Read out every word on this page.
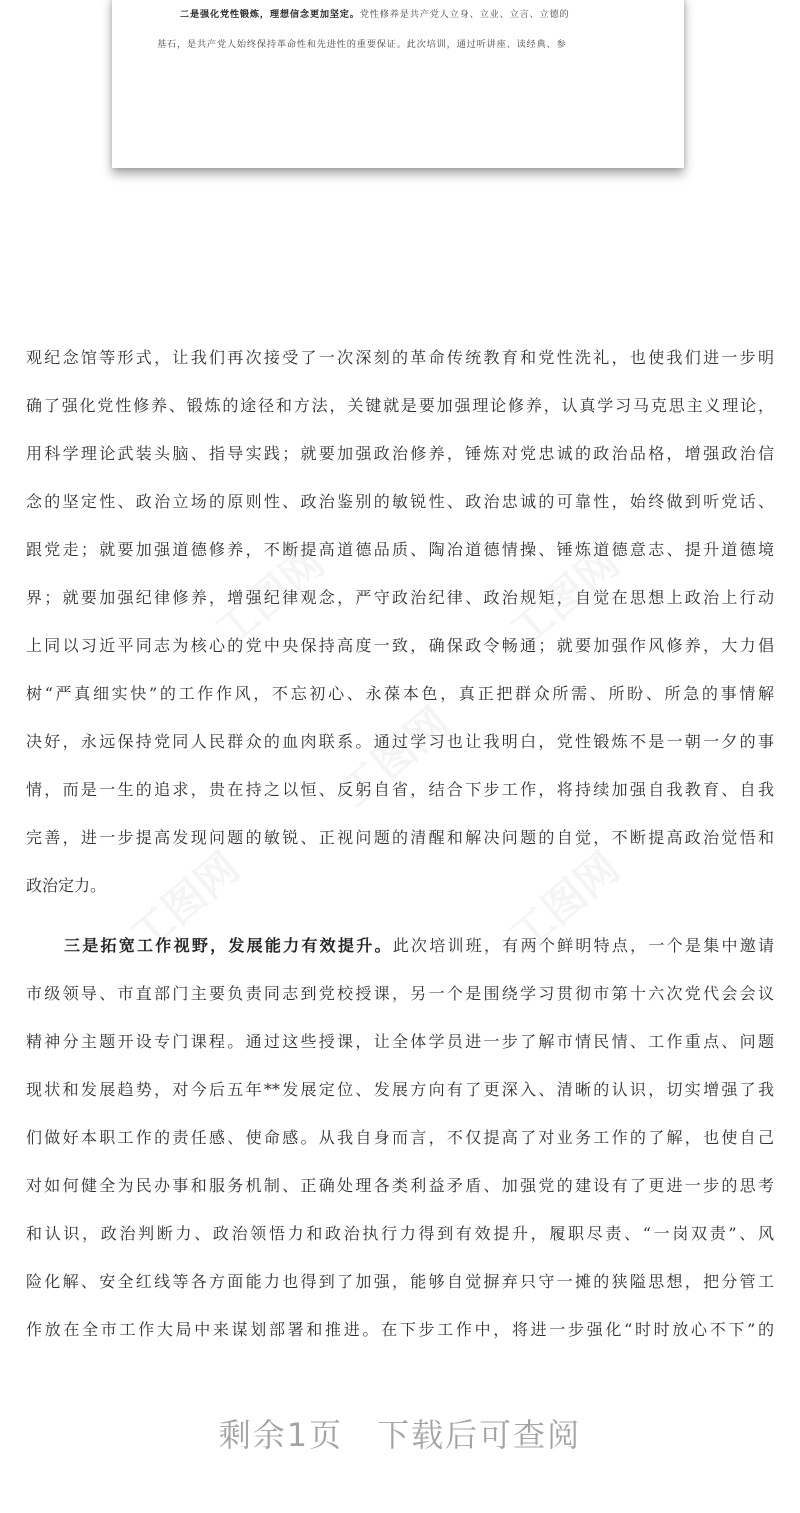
二是强化党性锻炼，理想信念更加坚定。党性修养是共产党人立身、立业、立言、立德的
基石，是共产党人始终保持革命性和先进性的重要保证。此次培训，通过听讲座、读经典、参
观纪念馆等形式，让我们再次接受了一次深刻的革命传统教育和党性洗礼，也使我们进一步明
确了强化党性修养、锻炼的途径和方法，关键就是要加强理论修养，认真学习马克思主义理论，
用科学理论武装头脑、指导实践；就要加强政治修养，锤炼对党忠诚的政治品格，增强政治信
念的坚定性、政治立场的原则性、政治鉴别的敏锐性、政治忠诚的可靠性，始终做到听党话、
跟党走；就要加强道德修养，不断提高道德品质、陶冶道德情操、锤炼道德意志、提升道德境
界；就要加强纪律修养，增强纪律观念，严守政治纪律、政治规矩，自觉在思想上政治上行动
上同以习近平同志为核心的党中央保持高度一致，确保政令畅通；就要加强作风修养，大力倡
树“严真细实快”的工作作风，不忘初心、永葆本色，真正把群众所需、所盼、所急的事情解
决好，永远保持党同人民群众的血肉联系。通过学习也让我明白，党性锻炼不是一朝一夕的事
情，而是一生的追求，贵在持之以恒、反躬自省，结合下步工作，将持续加强自我教育、自我
完善，进一步提高发现问题的敏锐、正视问题的清醒和解决问题的自觉，不断提高政治觉悟和
政治定力。
三是拓宽工作视野，发展能力有效提升。此次培训班，有两个鲜明特点，一个是集中邀请
市级领导、市直部门主要负责同志到党校授课，另一个是围绕学习贯彻市第十六次党代会会议
精神分主题开设专门课程。通过这些授课，让全体学员进一步了解市情民情、工作重点、问题
现状和发展趋势，对今后五年**发展定位、发展方向有了更深入、清晰的认识，切实增强了我
们做好本职工作的责任感、使命感。从我自身而言，不仅提高了对业务工作的了解，也使自己
对如何健全为民办事和服务机制、正确处理各类利益矛盾、加强党的建设有了更进一步的思考
和认识，政治判断力、政治领悟力和政治执行力得到有效提升，履职尽责、“一岗双责”、风
险化解、安全红线等各方面能力也得到了加强，能够自觉摒弃只守一摊的狭隘思想，把分管工
作放在全市工作大局中来谋划部署和推进。在下步工作中，将进一步强化“时时放心不下”的
剩余1页 下载后可查阅
